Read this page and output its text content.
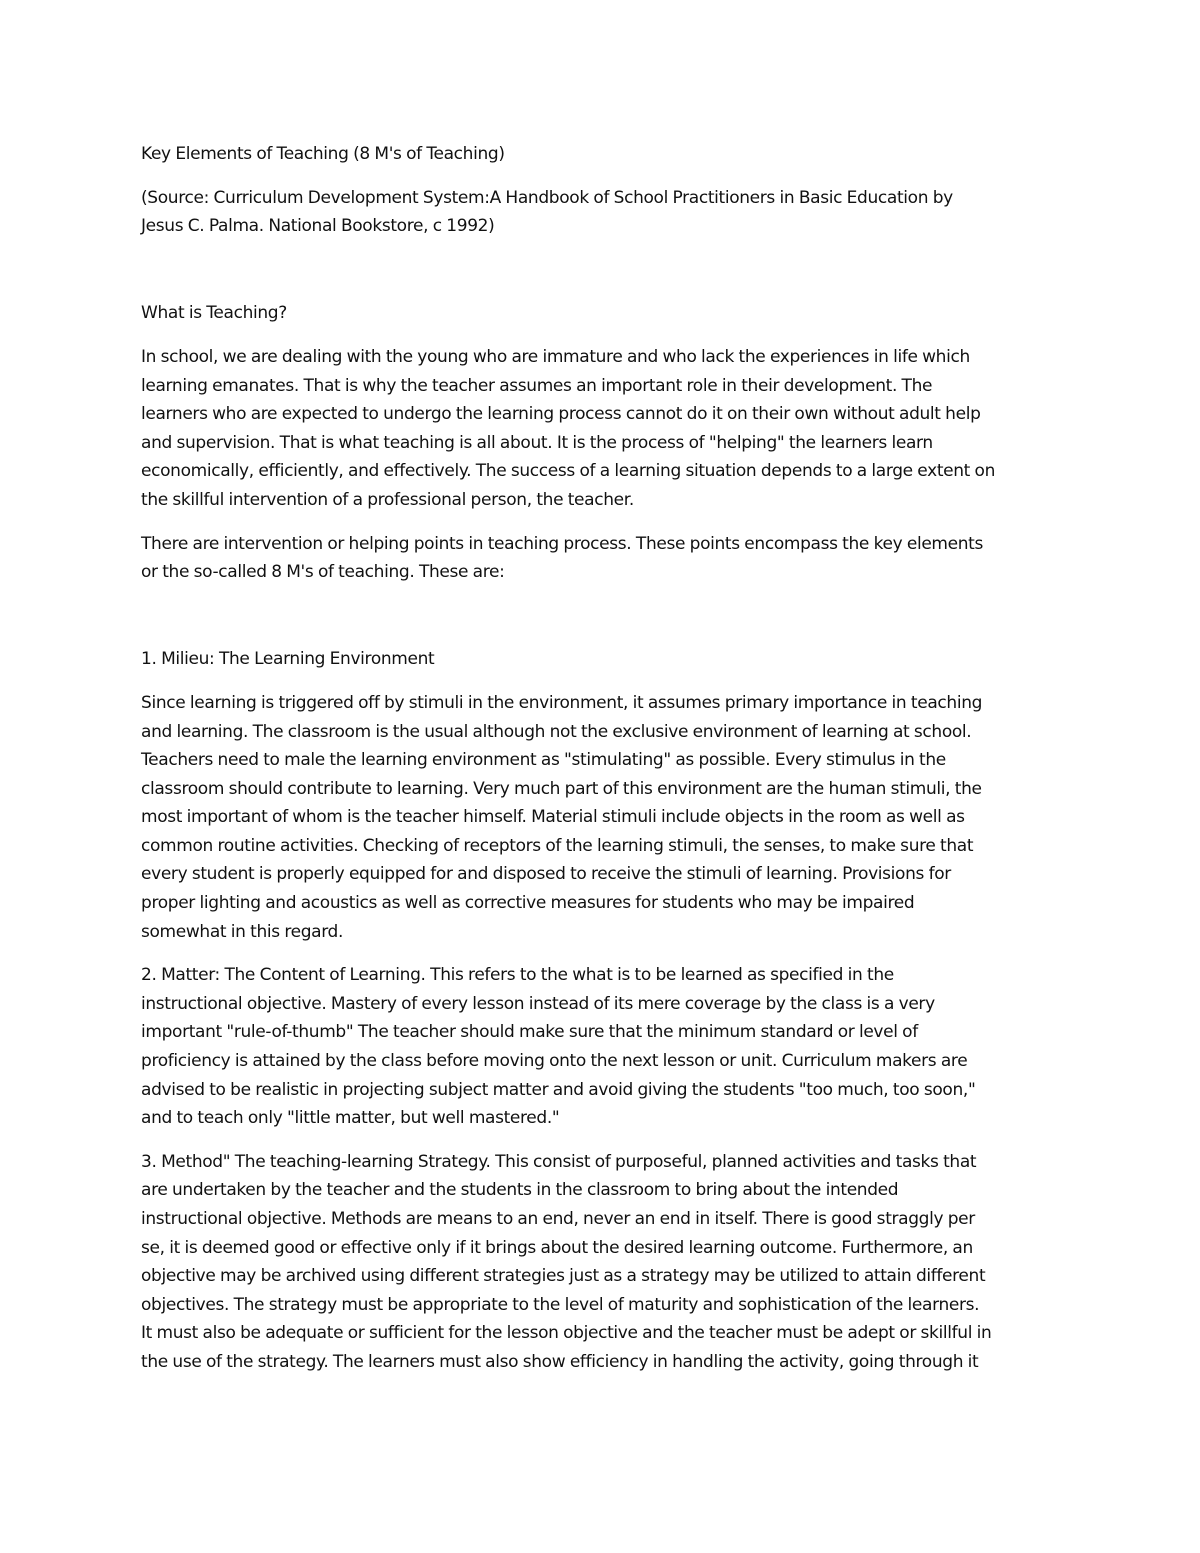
Key Elements of Teaching (8 M's of Teaching)

(Source: Curriculum Development System:A Handbook of School Practitioners in Basic Education by
Jesus C. Palma. National Bookstore, c 1992)

What is Teaching?

In school, we are dealing with the young who are immature and who lack the experiences in life which
learning emanates. That is why the teacher assumes an important role in their development. The
learners who are expected to undergo the learning process cannot do it on their own without adult help
and supervision. That is what teaching is all about. It is the process of "helping" the learners learn
economically, efficiently, and effectively. The success of a learning situation depends to a large extent on
the skillful intervention of a professional person, the teacher.

There are intervention or helping points in teaching process. These points encompass the key elements
or the so-called 8 M's of teaching. These are:

1. Milieu: The Learning Environment

Since learning is triggered off by stimuli in the environment, it assumes primary importance in teaching
and learning. The classroom is the usual although not the exclusive environment of learning at school.
Teachers need to male the learning environment as "stimulating" as possible. Every stimulus in the
classroom should contribute to learning. Very much part of this environment are the human stimuli, the
most important of whom is the teacher himself. Material stimuli include objects in the room as well as
common routine activities. Checking of receptors of the learning stimuli, the senses, to make sure that
every student is properly equipped for and disposed to receive the stimuli of learning. Provisions for
proper lighting and acoustics as well as corrective measures for students who may be impaired
somewhat in this regard.

2. Matter: The Content of Learning. This refers to the what is to be learned as specified in the
instructional objective. Mastery of every lesson instead of its mere coverage by the class is a very
important "rule-of-thumb" The teacher should make sure that the minimum standard or level of
proficiency is attained by the class before moving onto the next lesson or unit. Curriculum makers are
advised to be realistic in projecting subject matter and avoid giving the students "too much, too soon,"
and to teach only "little matter, but well mastered."

3. Method" The teaching-learning Strategy. This consist of purposeful, planned activities and tasks that
are undertaken by the teacher and the students in the classroom to bring about the intended
instructional objective. Methods are means to an end, never an end in itself. There is good straggly per
se, it is deemed good or effective only if it brings about the desired learning outcome. Furthermore, an
objective may be archived using different strategies just as a strategy may be utilized to attain different
objectives. The strategy must be appropriate to the level of maturity and sophistication of the learners.
It must also be adequate or sufficient for the lesson objective and the teacher must be adept or skillful in
the use of the strategy. The learners must also show efficiency in handling the activity, going through it
